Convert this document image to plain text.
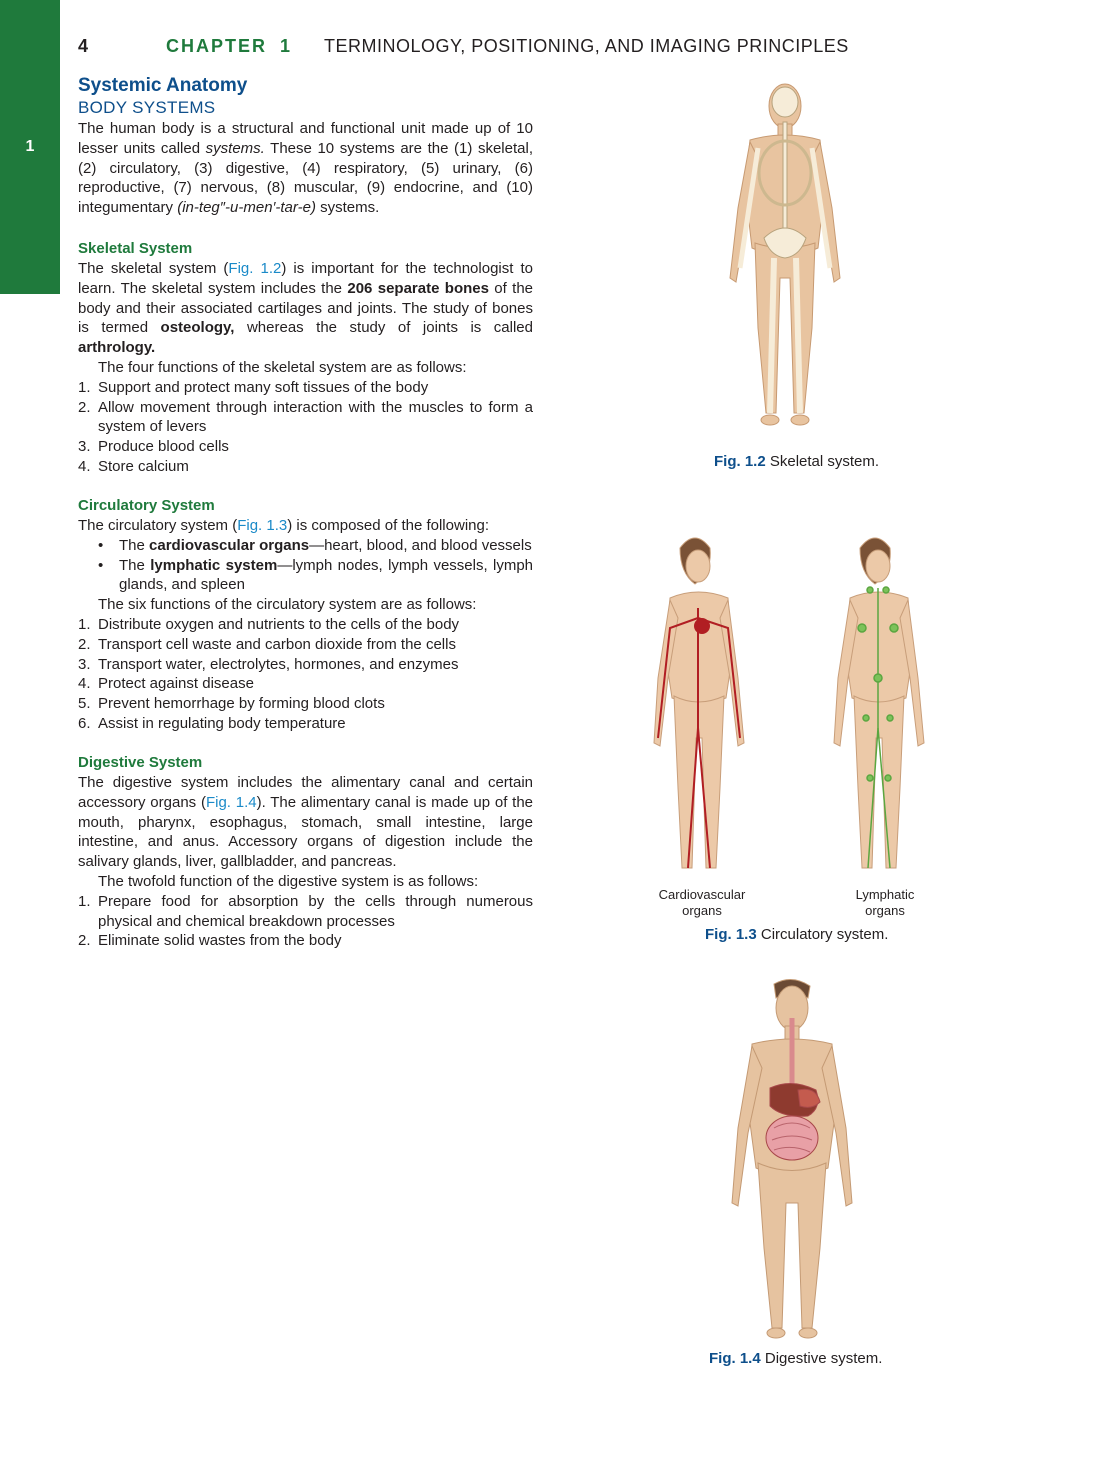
1
4	CHAPTER 1 TERMINOLOGY, POSITIONING, AND IMAGING PRINCIPLES
Systemic Anatomy
BODY SYSTEMS

The human body is a structural and functional unit made up of 10 lesser units called systems. These 10 systems are the (1) skeletal, (2) circulatory, (3) digestive, (4) respiratory, (5) urinary, (6) reproductive, (7) nervous, (8) muscular, (9) endocrine, and (10) integumentary (in-teg″-u-men′-tar-e) systems.

Skeletal System

The skeletal system (Fig. 1.2) is important for the technologist to learn. The skeletal system includes the 206 separate bones of the body and their associated cartilages and joints. The study of bones is termed osteology, whereas the study of joints is called arthrology.

The four functions of the skeletal system are as follows:

1. Support and protect many soft tissues of the body
2. Allow movement through interaction with the muscles to form a system of levers
3. Produce blood cells
4. Store calcium
Circulatory System

The circulatory system (Fig. 1.3) is composed of the following:

• The cardiovascular organs—heart, blood, and blood vessels
• The lymphatic system—lymph nodes, lymph vessels, lymph glands, and spleen

The six functions of the circulatory system are as follows:

1. Distribute oxygen and nutrients to the cells of the body
2. Transport cell waste and carbon dioxide from the cells
3. Transport water, electrolytes, hormones, and enzymes
4. Protect against disease
5. Prevent hemorrhage by forming blood clots
6. Assist in regulating body temperature
Digestive System

The digestive system includes the alimentary canal and certain accessory organs (Fig. 1.4). The alimentary canal is made up of the mouth, pharynx, esophagus, stomach, small intestine, large intestine, and anus. Accessory organs of digestion include the salivary glands, liver, gallbladder, and pancreas.

The twofold function of the digestive system is as follows:

1. Prepare food for absorption by the cells through numerous physical and chemical breakdown processes
2. Eliminate solid wastes from the body
Fig. 1.2 Skeletal system.
Cardiovascular
organs
Lymphatic
organs
Fig. 1.3 Circulatory system.
Fig. 1.4 Digestive system.
